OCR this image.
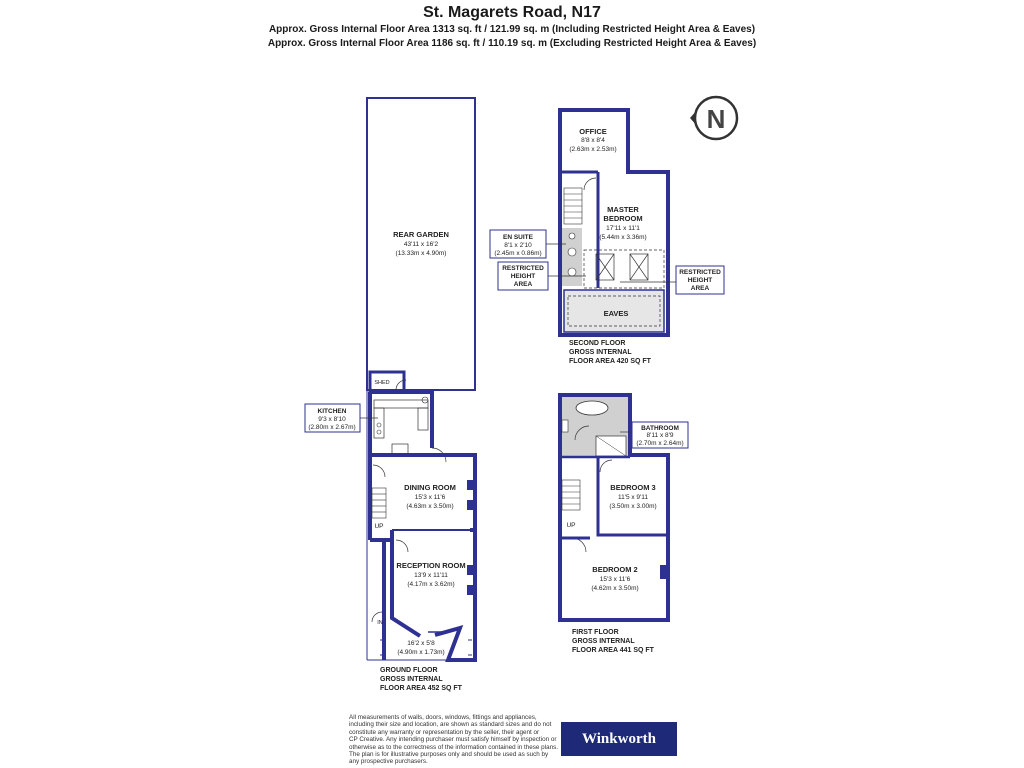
St. Magarets Road, N17
Approx. Gross Internal Floor Area 1313 sq. ft / 121.99 sq. m (Including Restricted Height Area & Eaves)
Approx. Gross Internal Floor Area 1186 sq. ft / 110.19 sq. m (Excluding Restricted Height Area & Eaves)
N
SHED
REAR GARDEN
43'11 x 16'2
(13.33m x 4.90m)
KITCHEN
9'3 x 8'10
(2.80m x 2.67m)
DINING ROOM
15'3 x 11'6
(4.63m x 3.50m)
RECEPTION ROOM
13'9 x 11'11
(4.17m x 3.62m)
16'2 x 5'8
(4.90m x 1.73m)
UP
IN
GROUND FLOOR
GROSS INTERNAL
FLOOR AREA 452 SQ FT
BATHROOM
8'11 x 8'9
(2.70m x 2.64m)
BEDROOM 3
11'5 x 9'11
(3.50m x 3.00m)
BEDROOM 2
15'3 x 11'6
(4.62m x 3.50m)
UP
FIRST FLOOR
GROSS INTERNAL
FLOOR AREA 441 SQ FT
OFFICE
8'8 x 8'4
(2.63m x 2.53m)
MASTER
BEDROOM
17'11 x 11'1
(5.44m x 3.36m)
EN SUITE
8'1 x 2'10
(2.45m x 0.86m)
RESTRICTED
HEIGHT
AREA
RESTRICTED
HEIGHT
AREA
EAVES
SECOND FLOOR
GROSS INTERNAL
FLOOR AREA 420 SQ FT
All measurements of walls, doors, windows, fittings and appliances,
including their size and location, are shown as standard sizes and do not
constitute any warranty or representation by the seller, their agent or
CP Creative. Any intending purchaser must satisfy himself by inspection or
otherwise as to the correctness of the information contained in these plans.
The plan is for illustrative purposes only and should be used as such by
any prospective purchasers.
Winkworth
